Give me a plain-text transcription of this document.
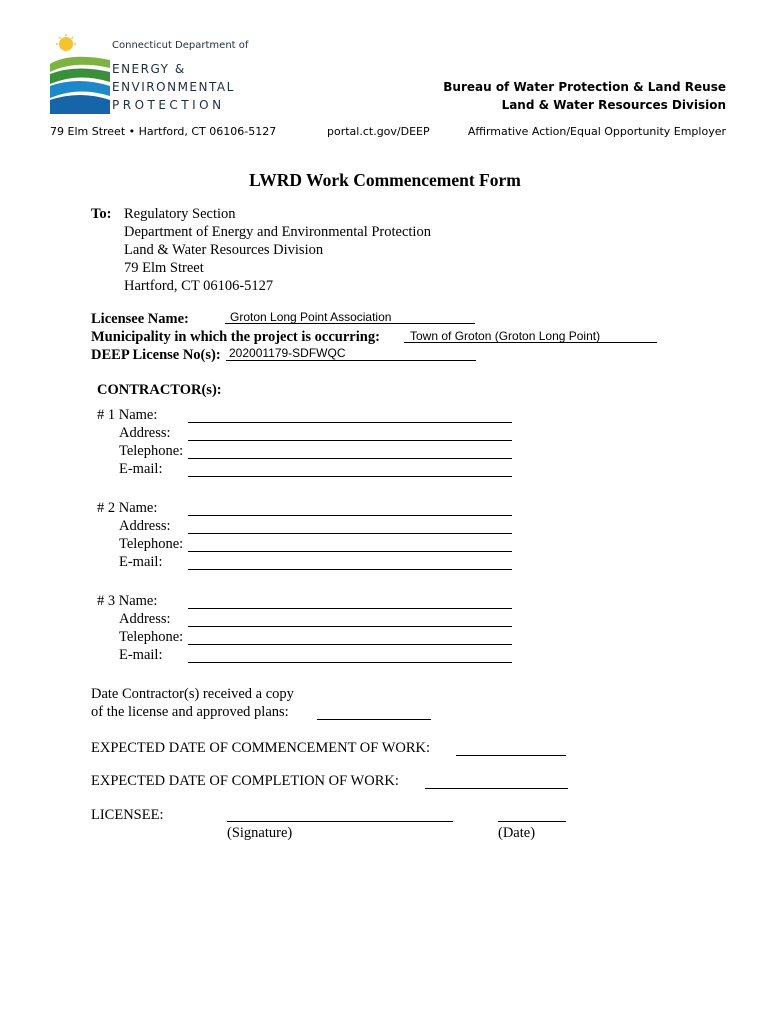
Connecticut Department of
ENERGY &
ENVIRONMENTAL
PROTECTION
Bureau of Water Protection & Land Reuse
Land & Water Resources Division
79 Elm Street • Hartford, CT 06106-5127	portal.ct.gov/DEEP	Affirmative Action/Equal Opportunity Employer
LWRD Work Commencement Form
To: Regulatory Section
Department of Energy and Environmental Protection
Land & Water Resources Division
79 Elm Street
Hartford, CT 06106-5127
Licensee Name:	Groton Long Point Association
Municipality in which the project is occurring:	Town of Groton (Groton Long Point)
DEEP License No(s): 202001179-SDFWQC
CONTRACTOR(s):
# 1 Name:
Address:
Telephone:
E-mail:
# 2 Name:
Address:
Telephone:
E-mail:
# 3 Name:
Address:
Telephone:
E-mail:
Date Contractor(s) received a copy
of the license and approved plans:
EXPECTED DATE OF COMMENCEMENT OF WORK:
EXPECTED DATE OF COMPLETION OF WORK:
LICENSEE:
(Signature)	(Date)
